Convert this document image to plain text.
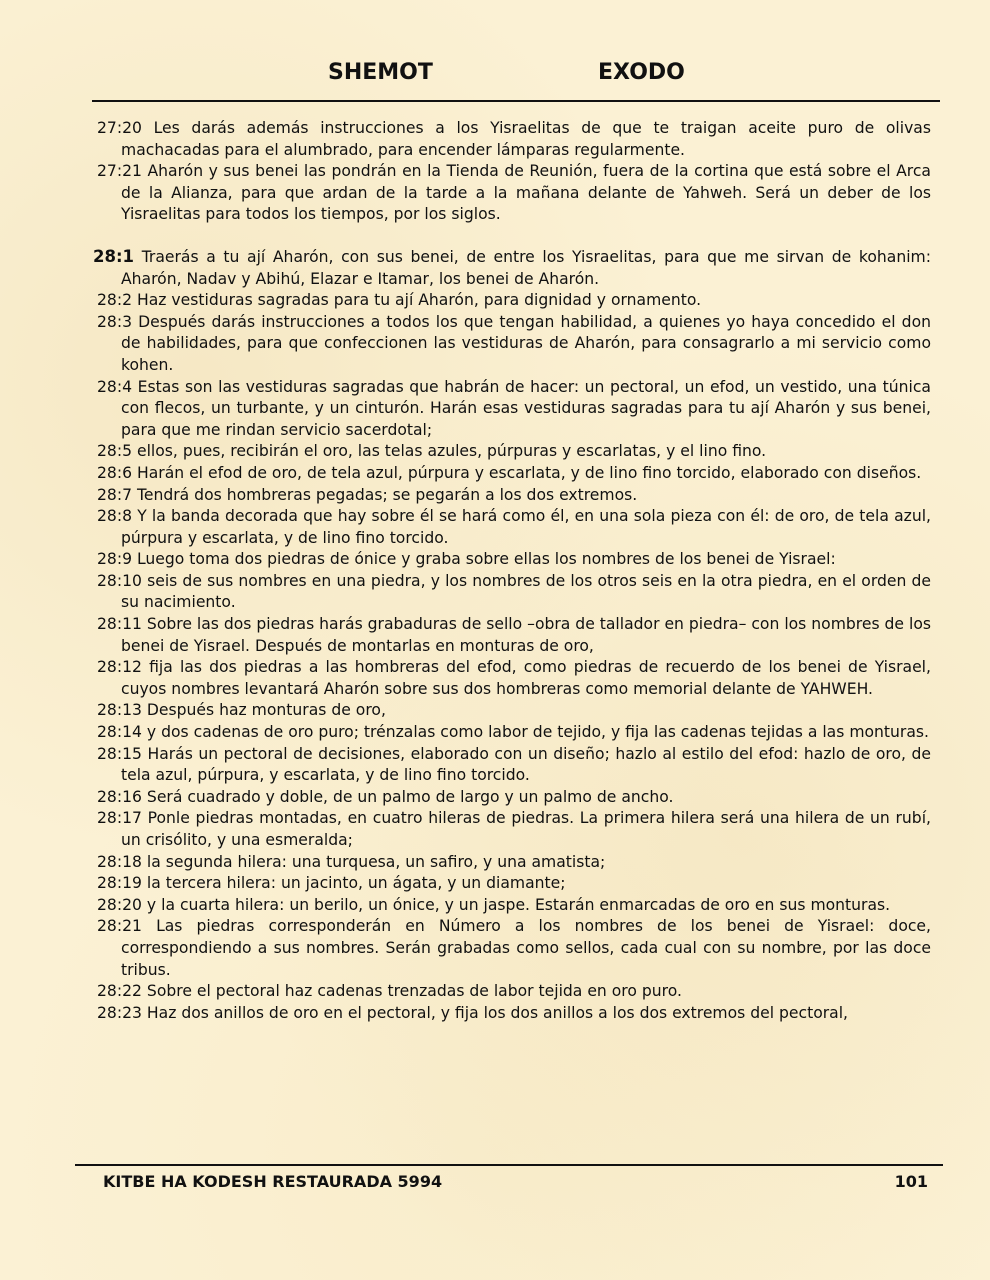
SHEMOT	EXODO

27:20 Les darás además instrucciones a los Yisraelitas de que te traigan aceite puro de olivas machacadas para el alumbrado, para encender lámparas regularmente.

27:21 Aharón y sus benei las pondrán en la Tienda de Reunión, fuera de la cortina que está sobre el Arca de la Alianza, para que ardan de la tarde a la mañana delante de Yahweh. Será un deber de los Yisraelitas para todos los tiempos, por los siglos.

28:1 Traerás a tu ají Aharón, con sus benei, de entre los Yisraelitas, para que me sirvan de kohanim: Aharón, Nadav y Abihú, Elazar e Itamar, los benei de Aharón.

28:2 Haz vestiduras sagradas para tu ají Aharón, para dignidad y ornamento.

28:3 Después darás instrucciones a todos los que tengan habilidad, a quienes yo haya concedido el don de habilidades, para que confeccionen las vestiduras de Aharón, para consagrarlo a mi servicio como kohen.

28:4 Estas son las vestiduras sagradas que habrán de hacer: un pectoral, un efod, un vestido, una túnica con flecos, un turbante, y un cinturón. Harán esas vestiduras sagradas para tu ají Aharón y sus benei, para que me rindan servicio sacerdotal;

28:5 ellos, pues, recibirán el oro, las telas azules, púrpuras y escarlatas, y el lino fino.

28:6 Harán el efod de oro, de tela azul, púrpura y escarlata, y de lino fino torcido, elaborado con diseños.

28:7 Tendrá dos hombreras pegadas; se pegarán a los dos extremos.

28:8 Y la banda decorada que hay sobre él se hará como él, en una sola pieza con él: de oro, de tela azul, púrpura y escarlata, y de lino fino torcido.

28:9 Luego toma dos piedras de ónice y graba sobre ellas los nombres de los benei de Yisrael:

28:10 seis de sus nombres en una piedra, y los nombres de los otros seis en la otra piedra, en el orden de su nacimiento.

28:11 Sobre las dos piedras harás grabaduras de sello –obra de tallador en piedra– con los nombres de los benei de Yisrael. Después de montarlas en monturas de oro,

28:12 fija las dos piedras a las hombreras del efod, como piedras de recuerdo de los benei de Yisrael, cuyos nombres levantará Aharón sobre sus dos hombreras como memorial delante de YAHWEH.

28:13 Después haz monturas de oro,

28:14 y dos cadenas de oro puro; trénzalas como labor de tejido, y fija las cadenas tejidas a las monturas.

28:15 Harás un pectoral de decisiones, elaborado con un diseño; hazlo al estilo del efod: hazlo de oro, de tela azul, púrpura, y escarlata, y de lino fino torcido.

28:16 Será cuadrado y doble, de un palmo de largo y un palmo de ancho.

28:17 Ponle piedras montadas, en cuatro hileras de piedras. La primera hilera será una hilera de un rubí, un crisólito, y una esmeralda;

28:18 la segunda hilera: una turquesa, un safiro, y una amatista;

28:19 la tercera hilera: un jacinto, un ágata, y un diamante;

28:20 y la cuarta hilera: un berilo, un ónice, y un jaspe. Estarán enmarcadas de oro en sus monturas.

28:21 Las piedras corresponderán en Número a los nombres de los benei de Yisrael: doce, correspondiendo a sus nombres. Serán grabadas como sellos, cada cual con su nombre, por las doce tribus.

28:22 Sobre el pectoral haz cadenas trenzadas de labor tejida en oro puro.

28:23 Haz dos anillos de oro en el pectoral, y fija los dos anillos a los dos extremos del pectoral,

KITBE HA KODESH RESTAURADA 5994	101
